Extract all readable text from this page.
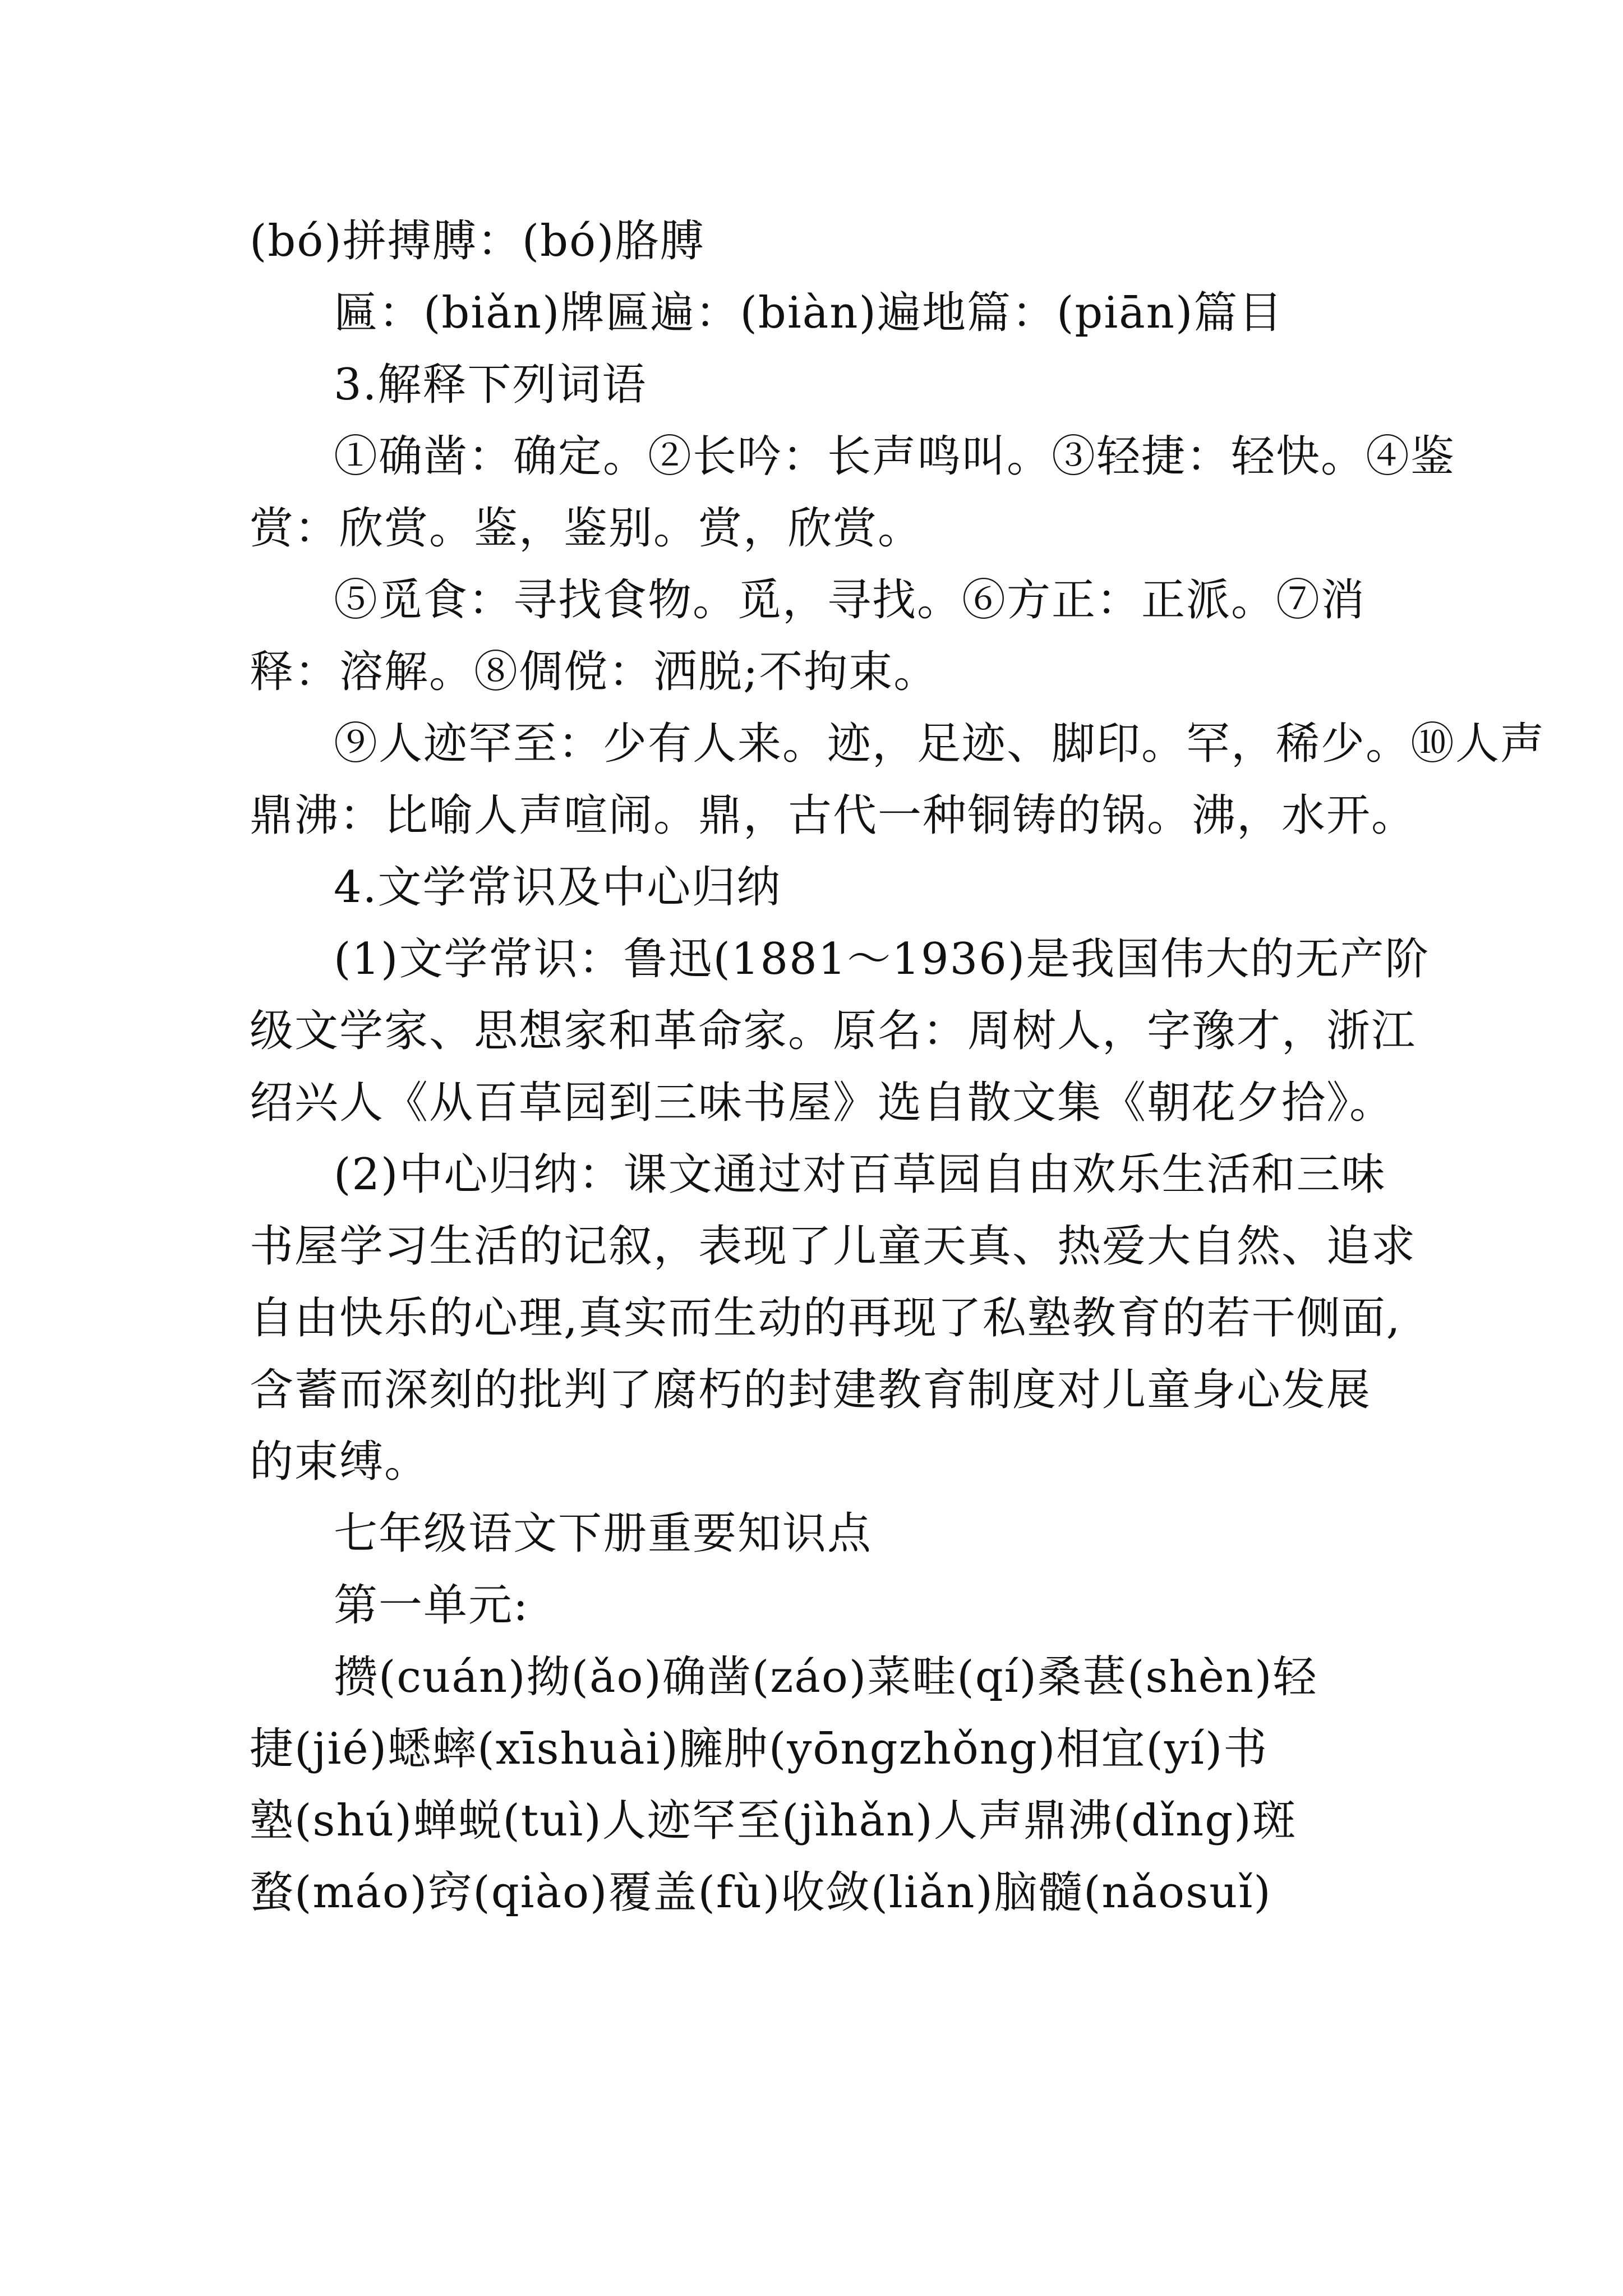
(bó)拼搏膊：(bó)胳膊
匾：(biǎn)牌匾遍：(biàn)遍地篇：(piān)篇目
3.解释下列词语
①确凿：确定。②长吟：长声鸣叫。③轻捷：轻快。④鉴
赏：欣赏。鉴，鉴别。赏，欣赏。
⑤觅食：寻找食物。觅，寻找。⑥方正：正派。⑦消
释：溶解。⑧倜傥：洒脱;不拘束。
⑨人迹罕至：少有人来。迹，足迹、脚印。罕，稀少。⑩人声
鼎沸：比喻人声喧闹。鼎，古代一种铜铸的锅。沸，水开。
4.文学常识及中心归纳
(1)文学常识：鲁迅(1881～1936)是我国伟大的无产阶
级文学家、思想家和革命家。原名：周树人，字豫才，浙江
绍兴人《从百草园到三味书屋》选自散文集《朝花夕拾》。
(2)中心归纳：课文通过对百草园自由欢乐生活和三味
书屋学习生活的记叙，表现了儿童天真、热爱大自然、追求
自由快乐的心理,真实而生动的再现了私塾教育的若干侧面,
含蓄而深刻的批判了腐朽的封建教育制度对儿童身心发展
的束缚。
七年级语文下册重要知识点
第一单元:
攒(cuán)拗(ǎo)确凿(záo)菜畦(qí)桑葚(shèn)轻
捷(jié)蟋蟀(xīshuài)臃肿(yōngzhǒng)相宜(yí)书
塾(shú)蝉蜕(tuì)人迹罕至(jìhǎn)人声鼎沸(dǐng)斑
蝥(máo)窍(qiào)覆盖(fù)收敛(liǎn)脑髓(nǎosuǐ)
